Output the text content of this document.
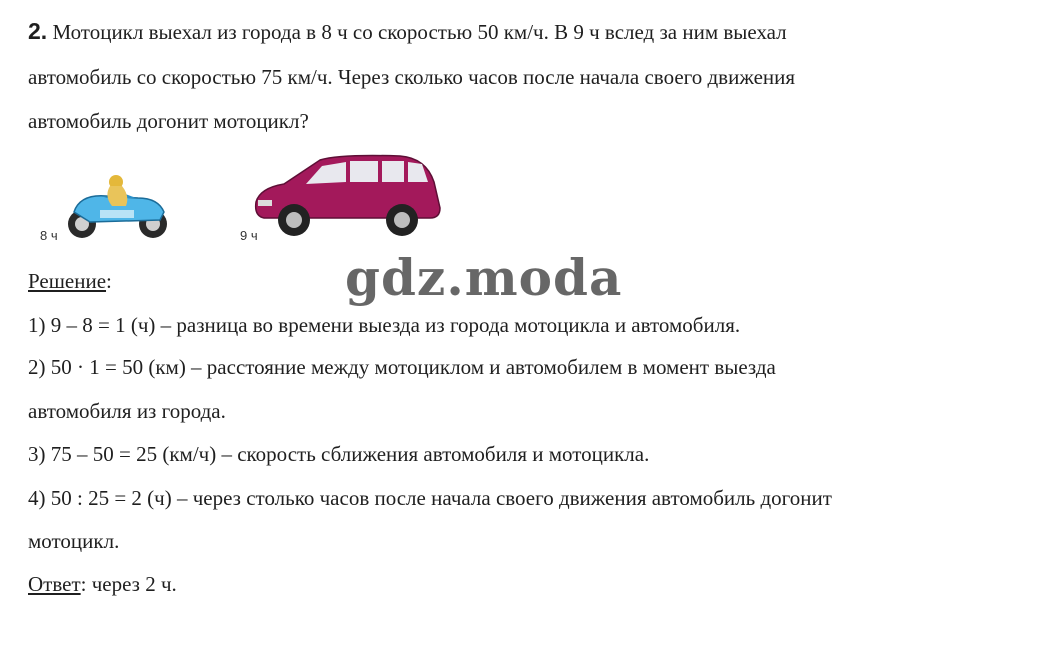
2. Мотоцикл выехал из города в 8 ч со скоростью 50 км/ч. В 9 ч вслед за ним выехал
автомобиль со скоростью 75 км/ч. Через сколько часов после начала своего движения
автомобиль догонит мотоцикл?
8 ч	9 ч
Решение:	gdz.moda
1) 9 – 8 = 1 (ч) – разница во времени выезда из города мотоцикла и автомобиля.
2) 50 · 1 = 50 (км) – расстояние между мотоциклом и автомобилем в момент выезда
автомобиля из города.
3) 75 – 50 = 25 (км/ч) – скорость сближения автомобиля и мотоцикла.
4) 50 : 25 = 2 (ч) – через столько часов после начала своего движения автомобиль догонит
мотоцикл.
Ответ: через 2 ч.
